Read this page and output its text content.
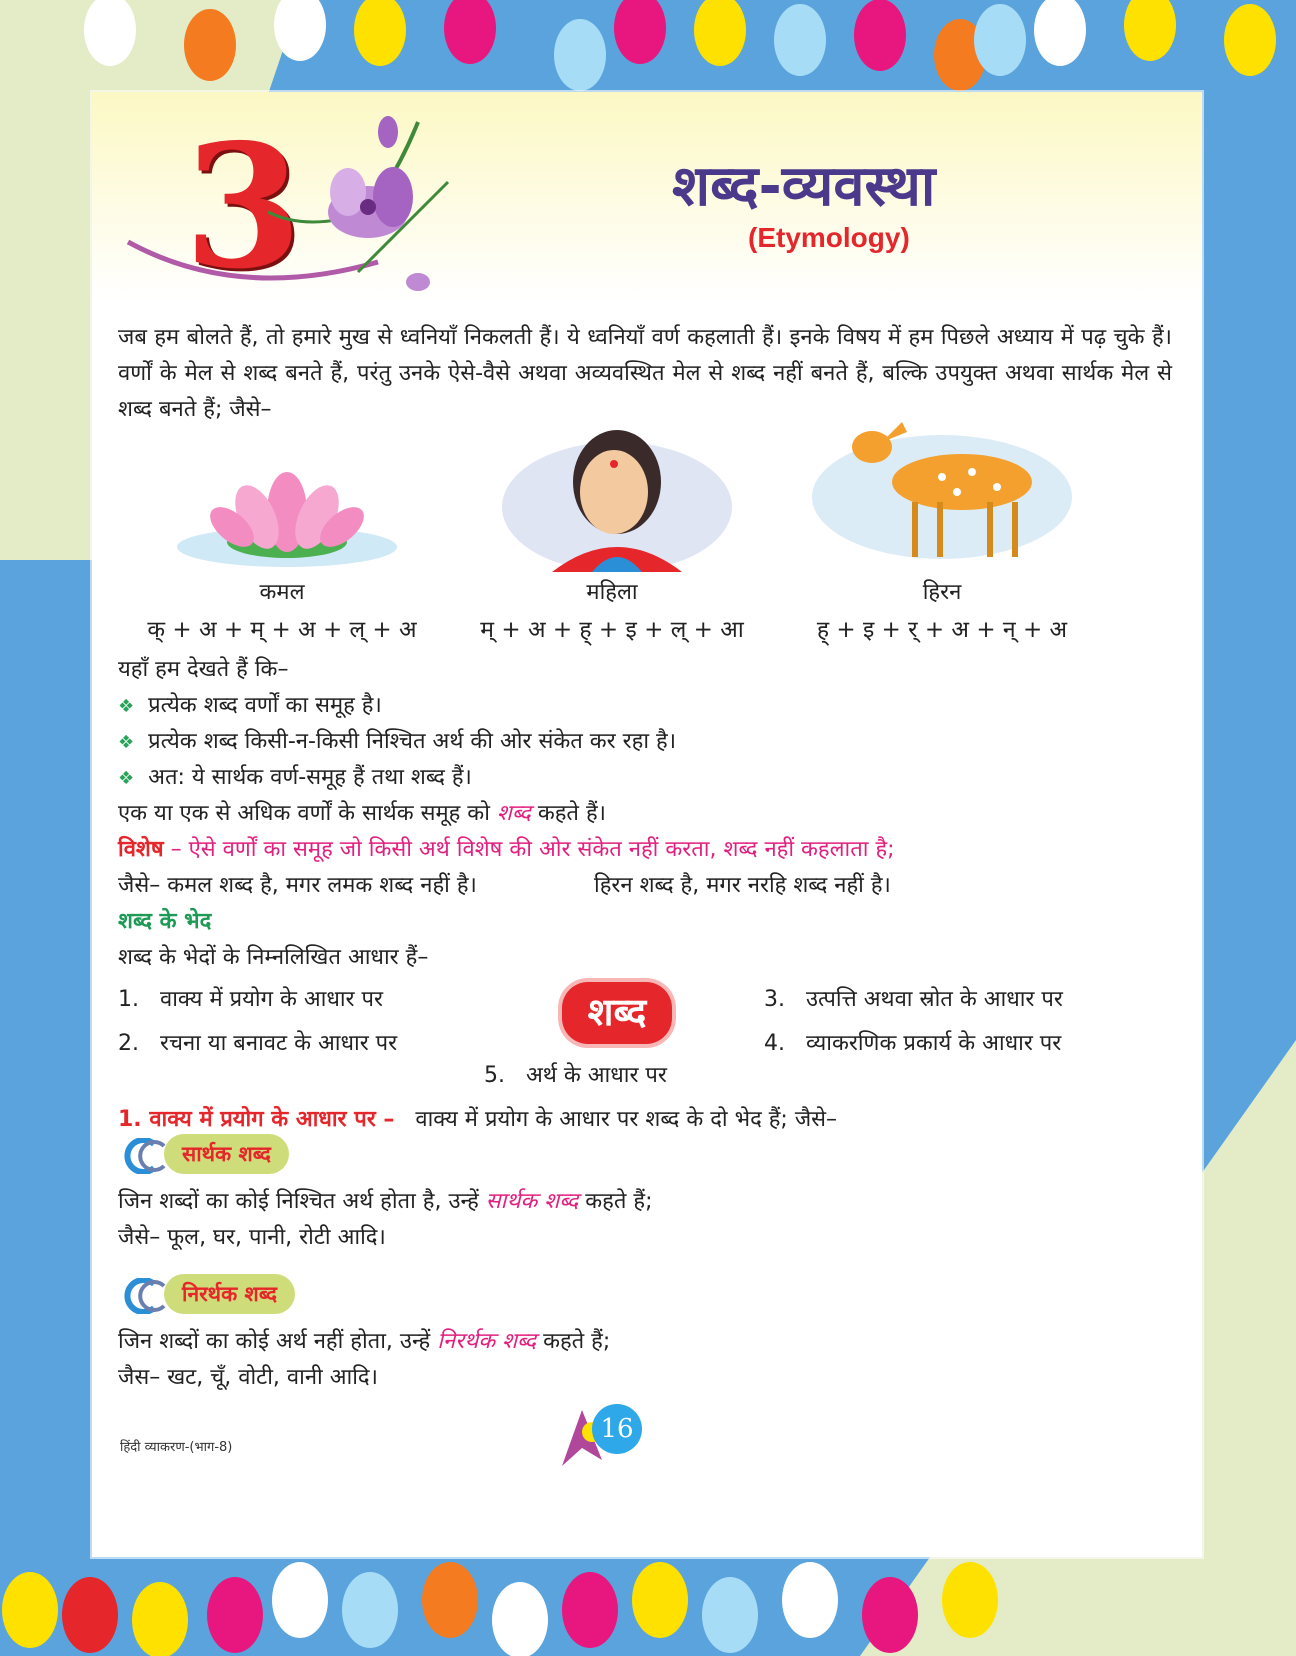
3	शब्द-व्यवस्था
(Etymology)
जब हम बोलते हैं, तो हमारे मुख से ध्वनियाँ निकलती हैं। ये ध्वनियाँ वर्ण कहलाती हैं। इनके विषय में हम पिछले अध्याय में पढ़ चुके हैं। वर्णों के मेल से शब्द बनते हैं, परंतु उनके ऐसे-वैसे अथवा अव्यवस्थित मेल से शब्द नहीं बनते हैं, बल्कि उपयुक्त अथवा सार्थक मेल से शब्द बनते हैं; जैसे–
कमल
क् + अ + म् + अ + ल् + अ
महिला
म् + अ + ह् + इ + ल् + आ
हिरन
ह् + इ + र् + अ + न् + अ
यहाँ हम देखते हैं कि–
❖ प्रत्येक शब्द वर्णों का समूह है।
❖ प्रत्येक शब्द किसी-न-किसी निश्चित अर्थ की ओर संकेत कर रहा है।
❖ अत: ये सार्थक वर्ण-समूह हैं तथा शब्द हैं।
एक या एक से अधिक वर्णों के सार्थक समूह को शब्द कहते हैं।
विशेष – ऐसे वर्णों का समूह जो किसी अर्थ विशेष की ओर संकेत नहीं करता, शब्द नहीं कहलाता है;
जैसे– कमल शब्द है, मगर लमक शब्द नहीं है।	हिरन शब्द है, मगर नरहि शब्द नहीं है।
शब्द के भेद
शब्द के भेदों के निम्नलिखित आधार हैं–
1. वाक्य में प्रयोग के आधार पर
2. रचना या बनावट के आधार पर
शब्द	3. उत्पत्ति अथवा स्रोत के आधार पर
4. व्याकरणिक प्रकार्य के आधार पर
5. अर्थ के आधार पर
1. वाक्य में प्रयोग के आधार पर – वाक्य में प्रयोग के आधार पर शब्द के दो भेद हैं; जैसे–
सार्थक शब्द
जिन शब्दों का कोई निश्चित अर्थ होता है, उन्हें सार्थक शब्द कहते हैं;
जैसे– फूल, घर, पानी, रोटी आदि।
निरर्थक शब्द
जिन शब्दों का कोई अर्थ नहीं होता, उन्हें निरर्थक शब्द कहते हैं;
जैस– खट, चूँ, वोटी, वानी आदि।
हिंदी व्याकरण-(भाग-8)
16
